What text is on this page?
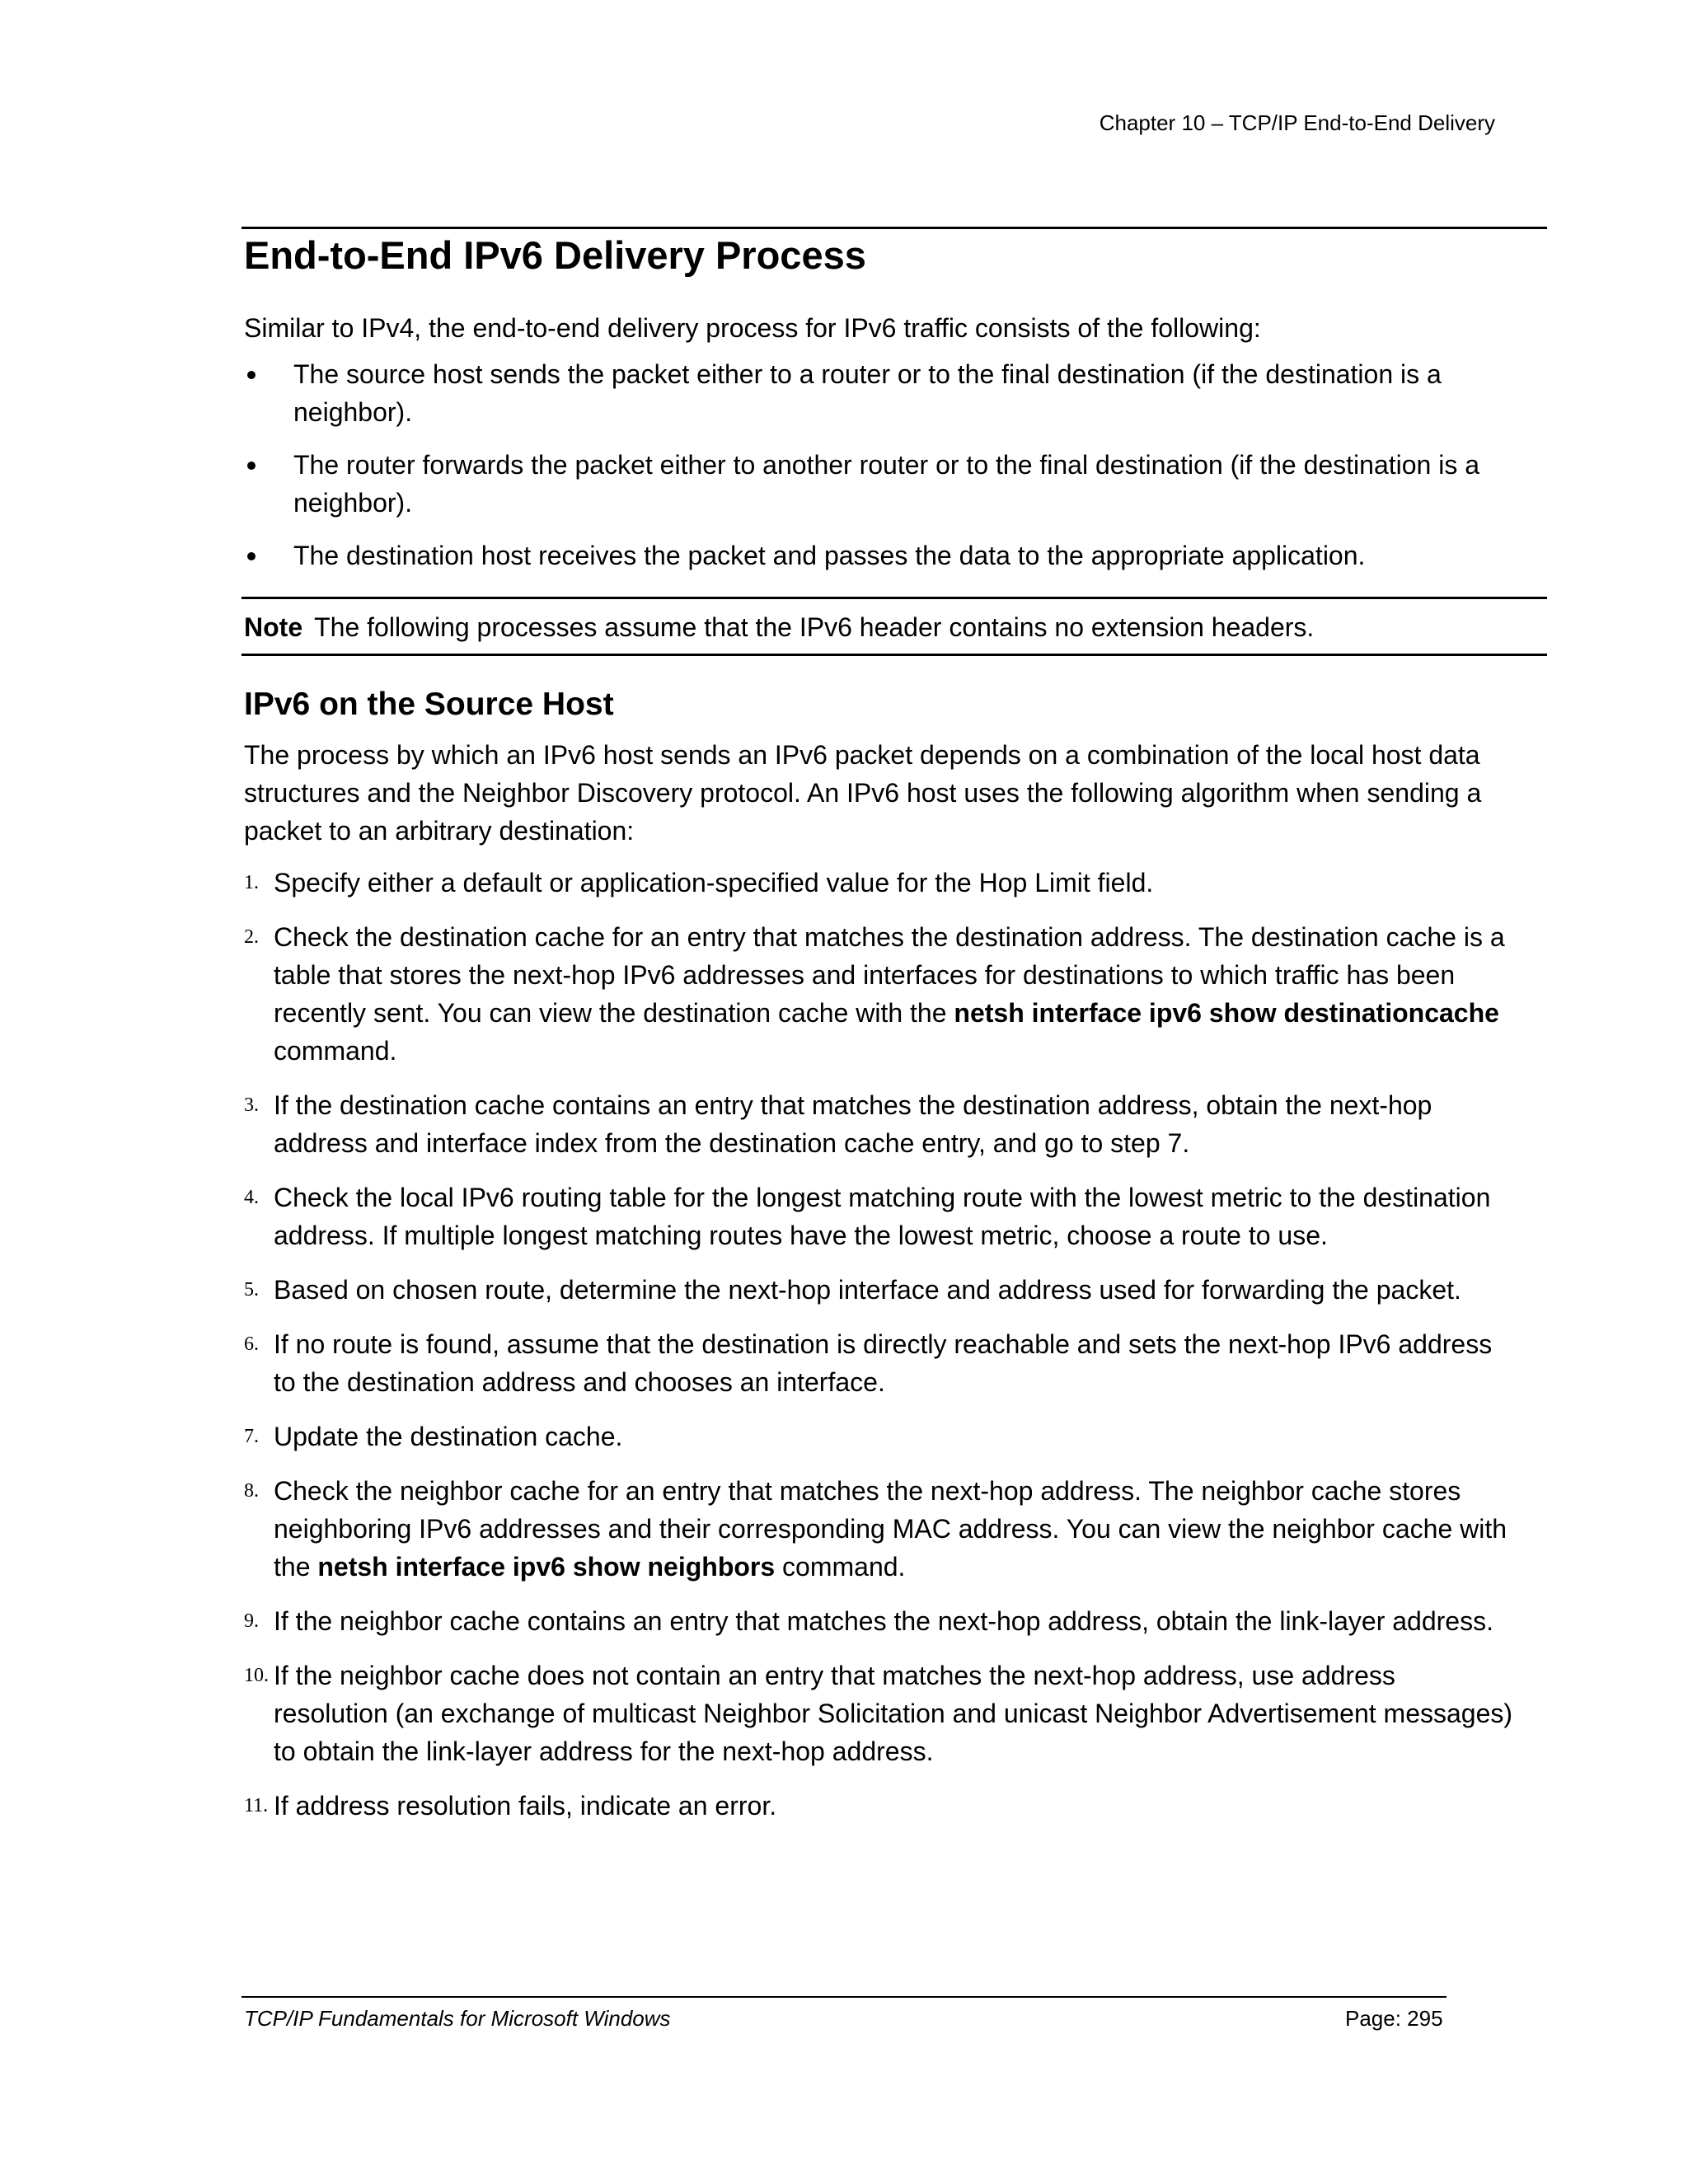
Chapter 10 – TCP/IP End-to-End Delivery
End-to-End IPv6 Delivery Process

Similar to IPv4, the end-to-end delivery process for IPv6 traffic consists of the following:

The source host sends the packet either to a router or to the final destination (if the destination is a neighbor).
The router forwards the packet either to another router or to the final destination (if the destination is a neighbor).
The destination host receives the packet and passes the data to the appropriate application.

Note The following processes assume that the IPv6 header contains no extension headers.

IPv6 on the Source Host

The process by which an IPv6 host sends an IPv6 packet depends on a combination of the local host data structures and the Neighbor Discovery protocol. An IPv6 host uses the following algorithm when sending a packet to an arbitrary destination:

1. Specify either a default or application-specified value for the Hop Limit field.
2. Check the destination cache for an entry that matches the destination address. The destination cache is a table that stores the next-hop IPv6 addresses and interfaces for destinations to which traffic has been recently sent. You can view the destination cache with the netsh interface ipv6 show destinationcache command.
3. If the destination cache contains an entry that matches the destination address, obtain the next-hop address and interface index from the destination cache entry, and go to step 7.
4. Check the local IPv6 routing table for the longest matching route with the lowest metric to the destination address. If multiple longest matching routes have the lowest metric, choose a route to use.
5. Based on chosen route, determine the next-hop interface and address used for forwarding the packet.
6. If no route is found, assume that the destination is directly reachable and sets the next-hop IPv6 address to the destination address and chooses an interface.
7. Update the destination cache.
8. Check the neighbor cache for an entry that matches the next-hop address. The neighbor cache stores neighboring IPv6 addresses and their corresponding MAC address. You can view the neighbor cache with the netsh interface ipv6 show neighbors command.
9. If the neighbor cache contains an entry that matches the next-hop address, obtain the link-layer address.
10. If the neighbor cache does not contain an entry that matches the next-hop address, use address resolution (an exchange of multicast Neighbor Solicitation and unicast Neighbor Advertisement messages) to obtain the link-layer address for the next-hop address.
11. If address resolution fails, indicate an error.
TCP/IP Fundamentals for Microsoft Windows	Page: 295
